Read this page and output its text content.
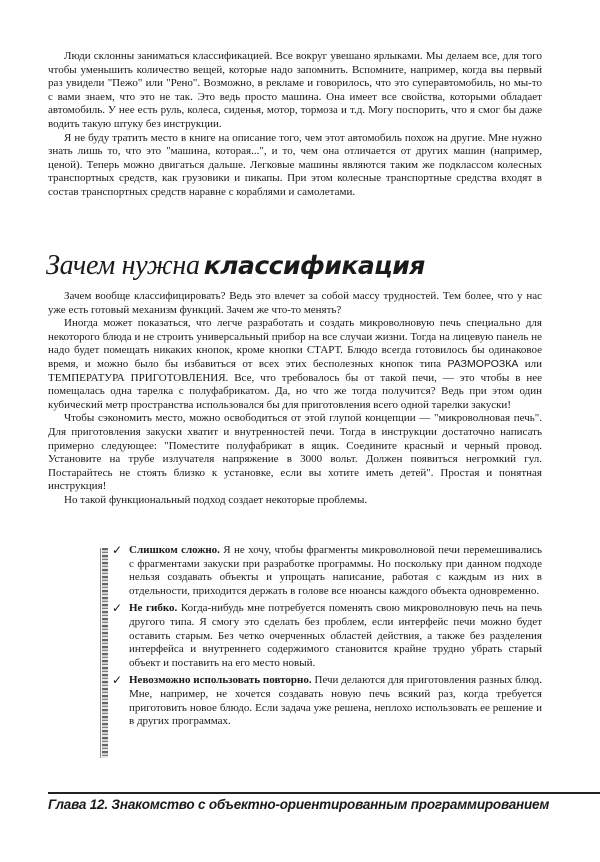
Люди склонны заниматься классификацией. Все вокруг увешано ярлыками. Мы делаем все, для того чтобы уменьшить количество вещей, которые надо запомнить. Вспомните, например, когда вы первый раз увидели "Пежо" или "Рено". Возможно, в рекламе и говорилось, что это суперавтомобиль, но мы-то с вами знаем, что это не так. Это ведь просто машина. Она имеет все свойства, которыми обладает автомобиль. У нее есть руль, колеса, сиденья, мотор, тормоза и т.д. Могу поспорить, что я смог бы даже водить такую штуку без инструкции.

Я не буду тратить место в книге на описание того, чем этот автомобиль похож на другие. Мне нужно знать лишь то, что это "машина, которая...", и то, чем она отличается от других машин (например, ценой). Теперь можно двигаться дальше. Легковые машины являются таким же подклассом колесных транспортных средств, как грузовики и пикапы. При этом колесные транспортные средства входят в состав транспортных средств наравне с кораблями и самолетами.

Зачем нужна классификация

Зачем вообще классифицировать? Ведь это влечет за собой массу трудностей. Тем более, что у нас уже есть готовый механизм функций. Зачем же что-то менять?

Иногда может показаться, что легче разработать и создать микроволновую печь специально для некоторого блюда и не строить универсальный прибор на все случаи жизни. Тогда на лицевую панель не надо будет помещать никаких кнопок, кроме кнопки СТАРТ. Блюдо всегда готовилось бы одинаковое время, и можно было бы избавиться от всех этих бесполезных кнопок типа РАЗМОРОЗКА или ТЕМПЕРАТУРА ПРИГОТОВЛЕНИЯ. Все, что требовалось бы от такой печи, — это чтобы в нее помещалась одна тарелка с полуфабрикатом. Да, но что же тогда получится? Ведь при этом один кубический метр пространства использовался бы для приготовления всего одной тарелки закуски!

Чтобы сэкономить место, можно освободиться от этой глупой концепции — "микроволновая печь". Для приготовления закуски хватит и внутренностей печи. Тогда в инструкции достаточно написать примерно следующее: "Поместите полуфабрикат в ящик. Соедините красный и черный провод. Установите на трубе излучателя напряжение в 3000 вольт. Должен появиться негромкий гул. Постарайтесь не стоять близко к установке, если вы хотите иметь детей". Простая и понятная инструкция!

Но такой функциональный подход создает некоторые проблемы.

✓ Слишком сложно. Я не хочу, чтобы фрагменты микроволновой печи перемешивались с фрагментами закуски при разработке программы. Но поскольку при данном подходе нельзя создавать объекты и упрощать написание, работая с каждым из них в отдельности, приходится держать в голове все нюансы каждого объекта одновременно.
✓ Не гибко. Когда-нибудь мне потребуется поменять свою микроволновую печь на печь другого типа. Я смогу это сделать без проблем, если интерфейс печи можно будет оставить старым. Без четко очерченных областей действия, а также без разделения интерфейса и внутреннего содержимого становится крайне трудно убрать старый объект и поставить на его место новый.
✓ Невозможно использовать повторно. Печи делаются для приготовления разных блюд. Мне, например, не хочется создавать новую печь всякий раз, когда требуется приготовить новое блюдо. Если задача уже решена, неплохо использовать ее решение и в других программах.
Глава 12. Знакомство с объектно-ориентированным программированием
